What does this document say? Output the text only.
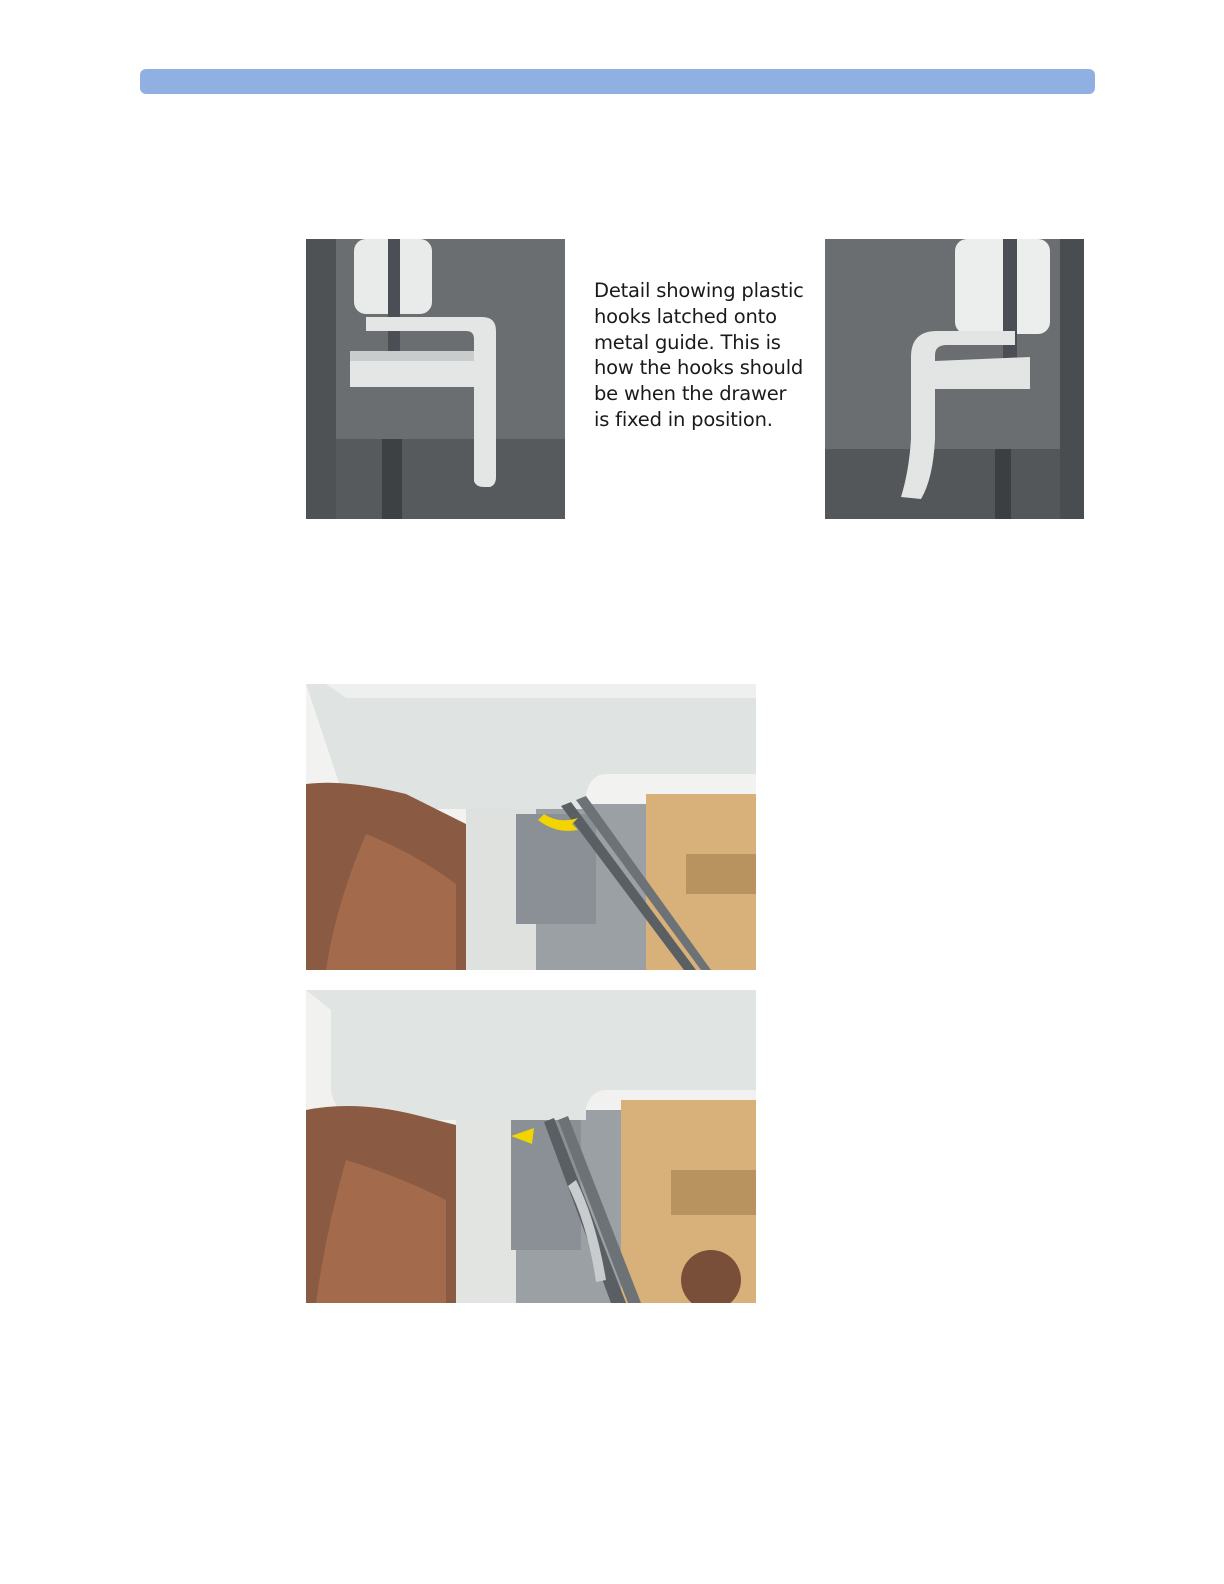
Detail showing plastic
hooks latched onto
metal guide. This is
how the hooks should
be when the drawer
is fixed in position.
